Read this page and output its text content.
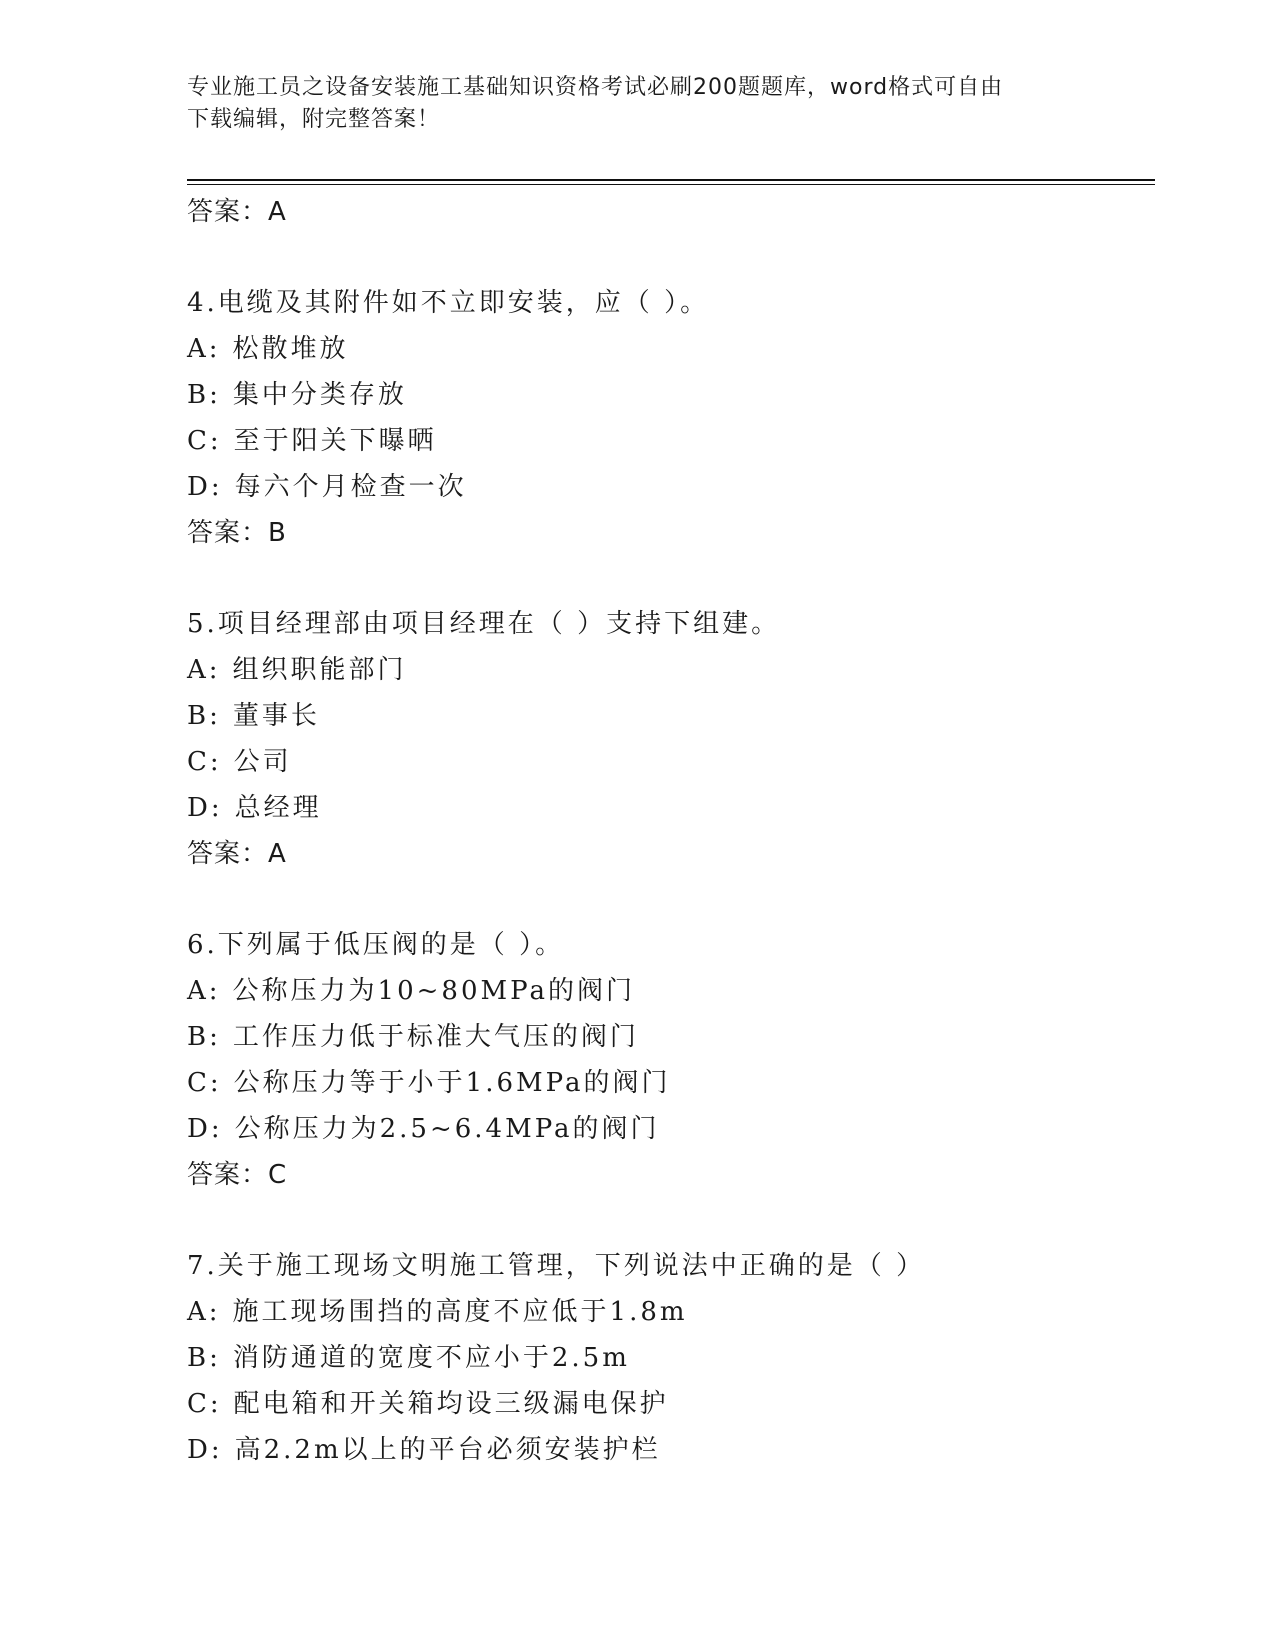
专业施工员之设备安装施工基础知识资格考试必刷200题题库，word格式可自由
下载编辑，附完整答案！
答案：A
4.电缆及其附件如不立即安装，应（ ）。
A: 松散堆放
B: 集中分类存放
C: 至于阳关下曝晒
D: 每六个月检查一次
答案：B
5.项目经理部由项目经理在（ ）支持下组建。
A: 组织职能部门
B: 董事长
C: 公司
D: 总经理
答案：A
6.下列属于低压阀的是（ ）。
A: 公称压力为10~80MPa的阀门
B: 工作压力低于标准大气压的阀门
C: 公称压力等于小于1.6MPa的阀门
D: 公称压力为2.5~6.4MPa的阀门
答案：C
7.关于施工现场文明施工管理，下列说法中正确的是（ ）
A: 施工现场围挡的高度不应低于1.8m
B: 消防通道的宽度不应小于2.5m
C: 配电箱和开关箱均设三级漏电保护
D: 高2.2m以上的平台必须安装护栏
